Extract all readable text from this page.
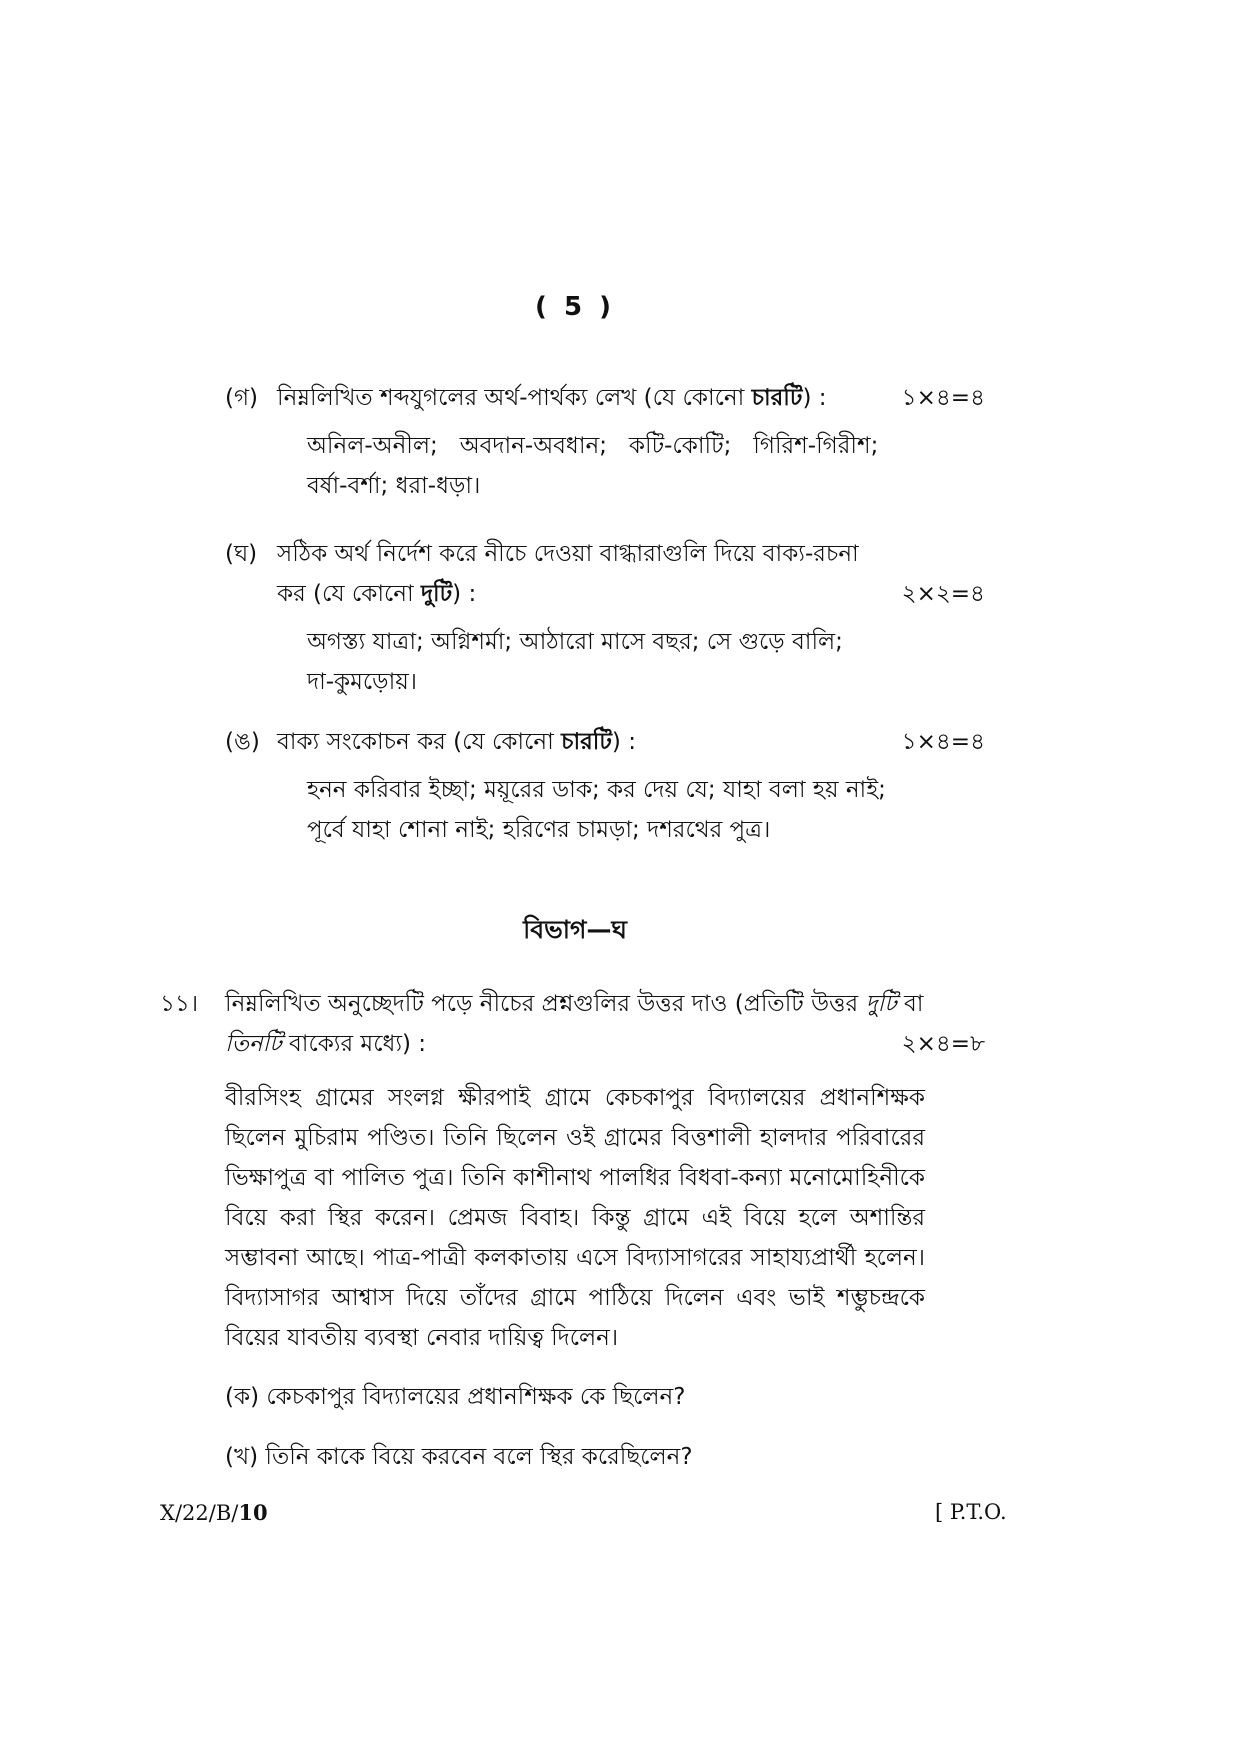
( 5 )
(গ) নিম্নলিখিত শব্দযুগলের অর্থ-পার্থক্য লেখ (যে কোনো চারটি) :	১×৪=৪
অনিল-অনীল;   অবদান-অবধান;   কটি-কোটি;   গিরিশ-গিরীশ;
বর্ষা-বর্শা; ধরা-ধড়া।
(ঘ) সঠিক অর্থ নির্দেশ করে নীচে দেওয়া বাগ্ধারাগুলি দিয়ে বাক্য-রচনা
কর (যে কোনো দুটি) :	২×২=৪
অগস্ত্য যাত্রা; অগ্নিশর্মা; আঠারো মাসে বছর; সে গুড়ে বালি;
দা-কুমড়োয়।
(ঙ) বাক্য সংকোচন কর (যে কোনো চারটি) :	১×৪=৪
হনন করিবার ইচ্ছা; ময়ূরের ডাক; কর দেয় যে; যাহা বলা হয় নাই;
পূর্বে যাহা শোনা নাই; হরিণের চামড়া; দশরথের পুত্র।
বিভাগ—ঘ
১১। নিম্নলিখিত অনুচ্ছেদটি পড়ে নীচের প্রশ্নগুলির উত্তর দাও (প্রতিটি উত্তর দুটি বা
তিনটি বাক্যের মধ্যে) :	২×৪=৮
বীরসিংহ গ্রামের সংলগ্ন ক্ষীরপাই গ্রামে কেচকাপুর বিদ্যালয়ের প্রধানশিক্ষক ছিলেন মুচিরাম পণ্ডিত। তিনি ছিলেন ওই গ্রামের বিত্তশালী হালদার পরিবারের ভিক্ষাপুত্র বা পালিত পুত্র। তিনি কাশীনাথ পালধির বিধবা-কন্যা মনোমোহিনীকে বিয়ে করা স্থির করেন। প্রেমজ বিবাহ। কিন্তু গ্রামে এই বিয়ে হলে অশান্তির সম্ভাবনা আছে। পাত্র-পাত্রী কলকাতায় এসে বিদ্যাসাগরের সাহায্যপ্রার্থী হলেন। বিদ্যাসাগর আশ্বাস দিয়ে তাঁদের গ্রামে পাঠিয়ে দিলেন এবং ভাই শম্ভুচন্দ্রকে বিয়ের যাবতীয় ব্যবস্থা নেবার দায়িত্ব দিলেন।
(ক) কেচকাপুর বিদ্যালয়ের প্রধানশিক্ষক কে ছিলেন?
(খ) তিনি কাকে বিয়ে করবেন বলে স্থির করেছিলেন?
X/22/B/10	[ P.T.O.
